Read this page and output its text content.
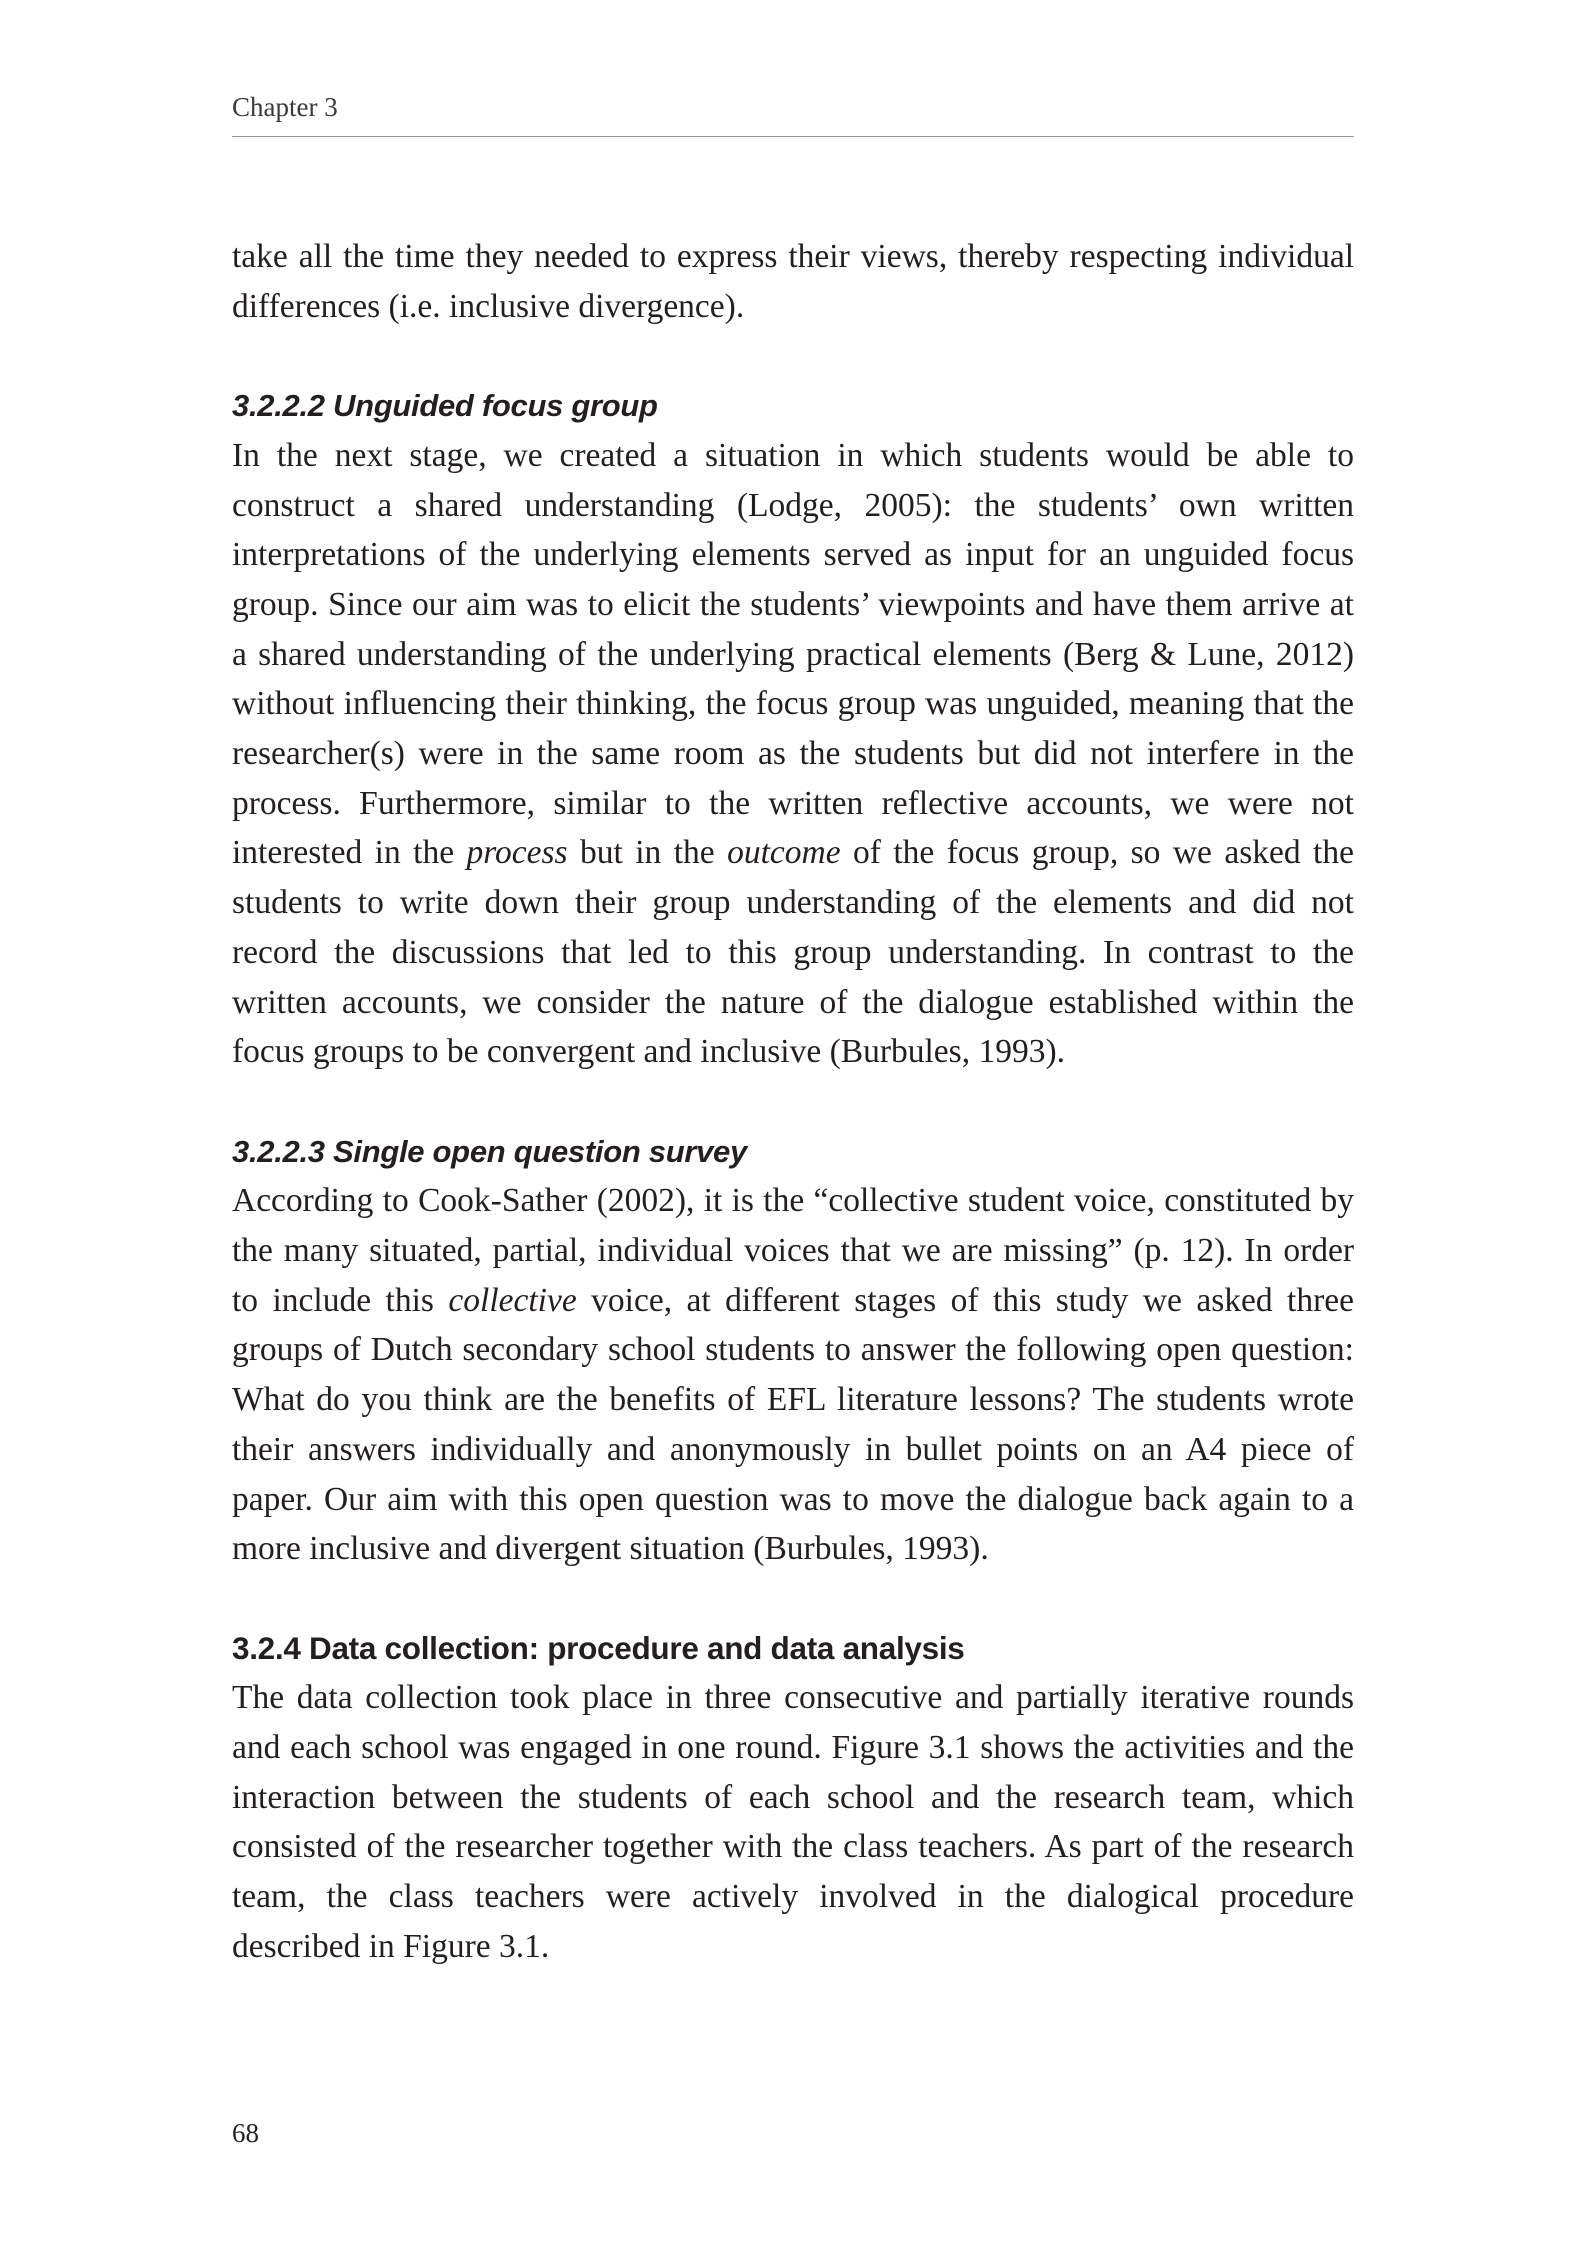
Chapter 3

take all the time they needed to express their views, thereby respecting individual differences (i.e. inclusive divergence).

3.2.2.2 Unguided focus group

In the next stage, we created a situation in which students would be able to construct a shared understanding (Lodge, 2005): the students’ own written interpretations of the underlying elements served as input for an unguided focus group. Since our aim was to elicit the students’ viewpoints and have them arrive at a shared understanding of the underlying practical elements (Berg & Lune, 2012) without influencing their thinking, the focus group was unguided, meaning that the researcher(s) were in the same room as the students but did not interfere in the process. Furthermore, similar to the written reflective accounts, we were not interested in the process but in the outcome of the focus group, so we asked the students to write down their group understanding of the elements and did not record the discussions that led to this group understanding. In contrast to the written accounts, we consider the nature of the dialogue established within the focus groups to be convergent and inclusive (Burbules, 1993).

3.2.2.3 Single open question survey

According to Cook-Sather (2002), it is the “collective student voice, constituted by the many situated, partial, individual voices that we are missing” (p. 12). In order to include this collective voice, at different stages of this study we asked three groups of Dutch secondary school students to answer the following open question: What do you think are the benefits of EFL literature lessons? The students wrote their answers individually and anonymously in bullet points on an A4 piece of paper. Our aim with this open question was to move the dialogue back again to a more inclusive and divergent situation (Burbules, 1993).

3.2.4 Data collection: procedure and data analysis

The data collection took place in three consecutive and partially iterative rounds and each school was engaged in one round. Figure 3.1 shows the activities and the interaction between the students of each school and the research team, which consisted of the researcher together with the class teachers. As part of the research team, the class teachers were actively involved in the dialogical procedure described in Figure 3.1.

68
